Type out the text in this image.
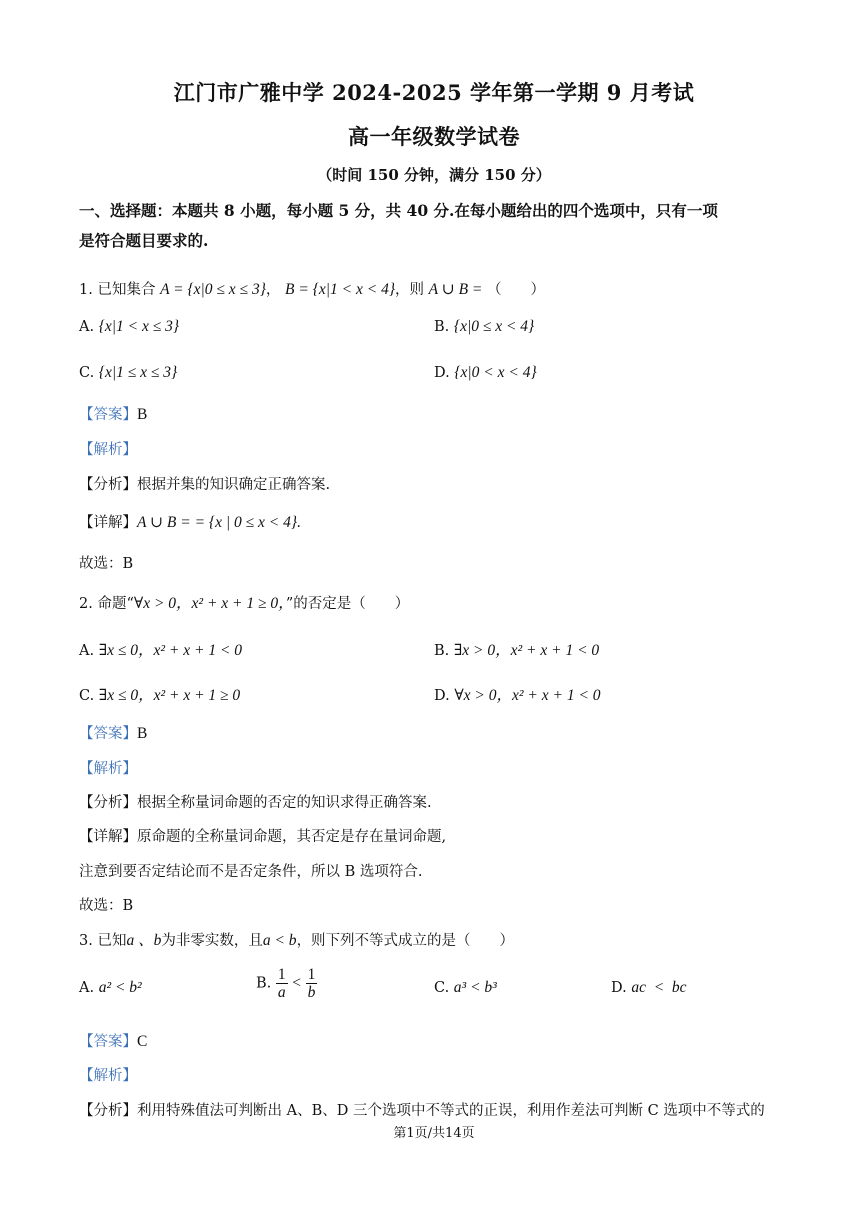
江门市广雅中学 2024-2025 学年第一学期 9 月考试
高一年级数学试卷
（时间 150 分钟，满分 150 分）
一、选择题：本题共 8 小题，每小题 5 分，共 40 分.在每小题给出的四个选项中，只有一项
是符合题目要求的.
1. 已知集合 A = {x|0 ≤ x ≤ 3}， B = {x|1 < x < 4}，则 A ∪ B = （　　）
A. {x|1 < x ≤ 3}	B. {x|0 ≤ x < 4}
C. {x|1 ≤ x ≤ 3}	D. {x|0 < x < 4}
【答案】B
【解析】
【分析】根据并集的知识确定正确答案.
【详解】A ∪ B = = {x | 0 ≤ x < 4}.
故选：B
2. 命题“∀x > 0，x² + x + 1 ≥ 0，”的否定是（　　）
A. ∃x ≤ 0，x² + x + 1 < 0	B. ∃x > 0，x² + x + 1 < 0
C. ∃x ≤ 0，x² + x + 1 ≥ 0	D. ∀x > 0，x² + x + 1 < 0
【答案】B
【解析】
【分析】根据全称量词命题的否定的知识求得正确答案.
【详解】原命题的全称量词命题，其否定是存在量词命题,
注意到要否定结论而不是否定条件，所以 B 选项符合.
故选：B
3. 已知a 、b为非零实数，且a < b，则下列不等式成立的是（　　）
A. a² < b²	B. $\frac{1}{a} < \frac{1}{b}$	C. a³ < b³	D. ac  <  bc
【答案】C
【解析】
【分析】利用特殊值法可判断出 A、B、D 三个选项中不等式的正误，利用作差法可判断 C 选项中不等式的
第1页/共14页
